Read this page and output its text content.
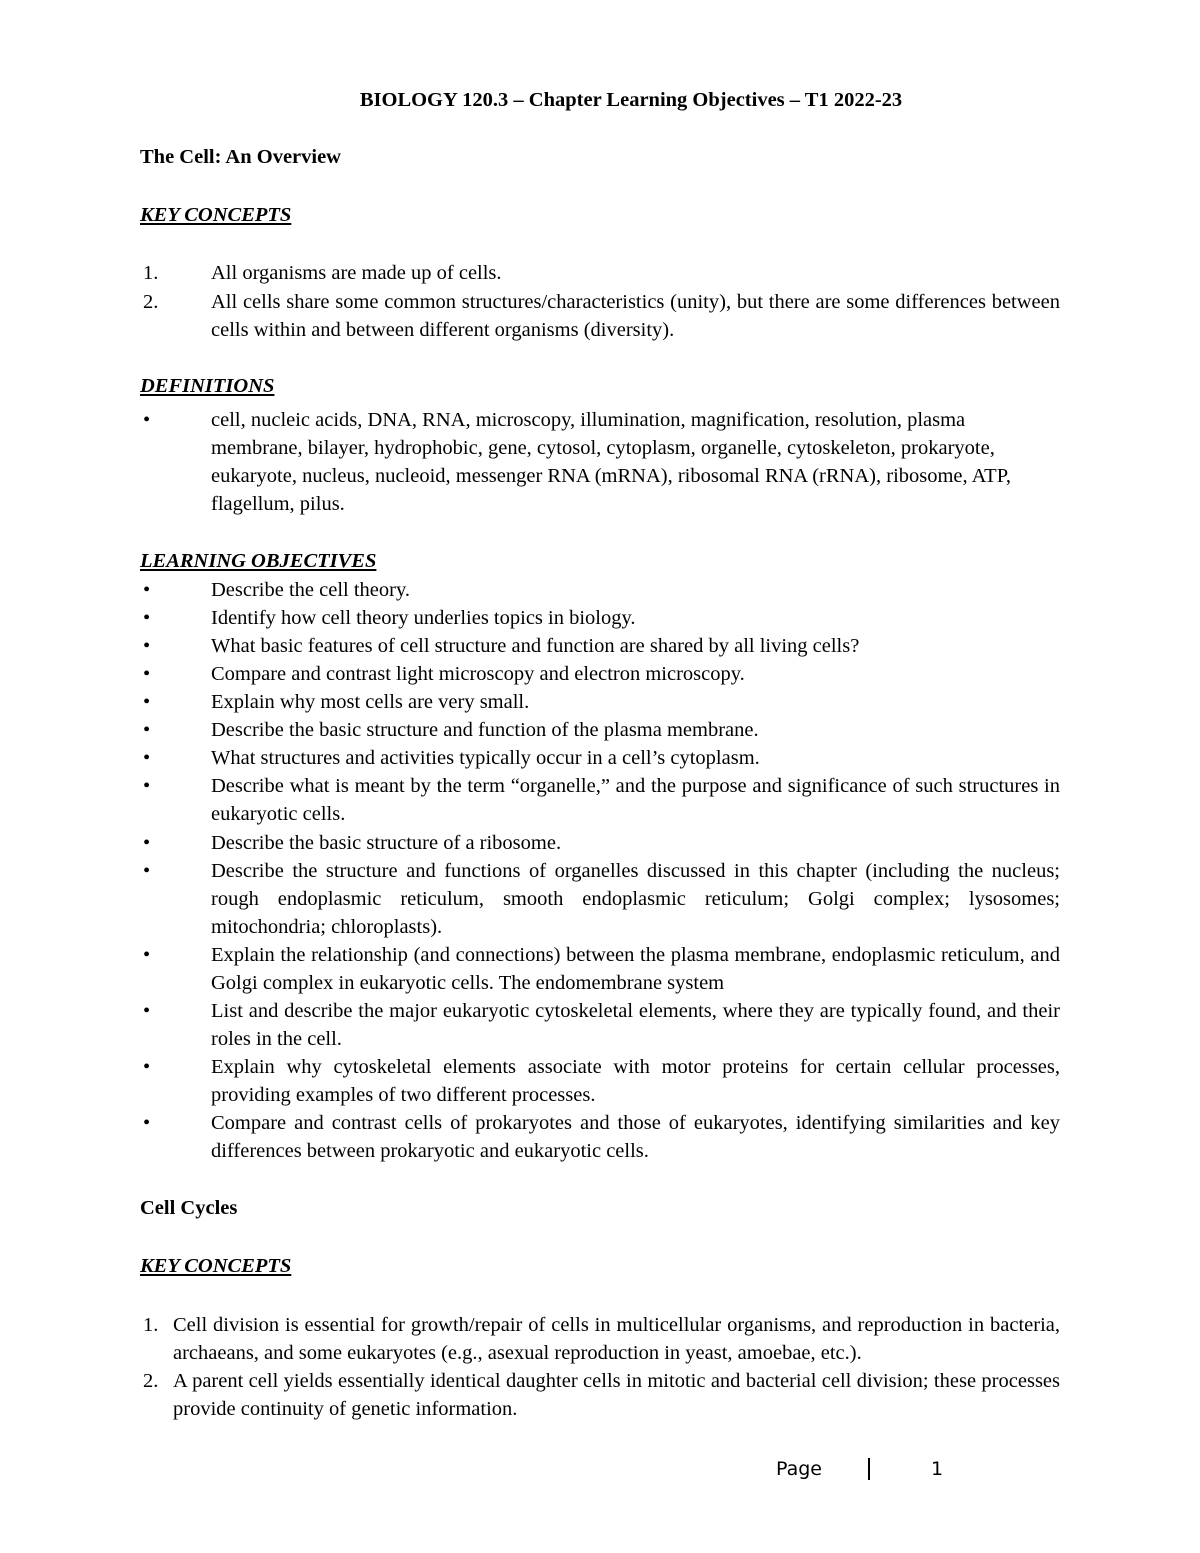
BIOLOGY 120.3 – Chapter Learning Objectives – T1 2022-23
The Cell: An Overview
KEY CONCEPTS
1.	All organisms are made up of cells.
2.	All cells share some common structures/characteristics (unity), but there are some differences between cells within and between different organisms (diversity).
DEFINITIONS
•	cell, nucleic acids, DNA, RNA, microscopy, illumination, magnification, resolution, plasma membrane, bilayer, hydrophobic, gene, cytosol, cytoplasm, organelle, cytoskeleton, prokaryote, eukaryote, nucleus, nucleoid, messenger RNA (mRNA), ribosomal RNA (rRNA), ribosome, ATP, flagellum, pilus.
LEARNING OBJECTIVES
•	Describe the cell theory.
•	Identify how cell theory underlies topics in biology.
•	What basic features of cell structure and function are shared by all living cells?
•	Compare and contrast light microscopy and electron microscopy.
•	Explain why most cells are very small.
•	Describe the basic structure and function of the plasma membrane.
•	What structures and activities typically occur in a cell’s cytoplasm.
•	Describe what is meant by the term “organelle,” and the purpose and significance of such structures in eukaryotic cells.
•	Describe the basic structure of a ribosome.
•	Describe the structure and functions of organelles discussed in this chapter (including the nucleus; rough endoplasmic reticulum, smooth endoplasmic reticulum; Golgi complex; lysosomes; mitochondria; chloroplasts).
•	Explain the relationship (and connections) between the plasma membrane, endoplasmic reticulum, and Golgi complex in eukaryotic cells. The endomembrane system
•	List and describe the major eukaryotic cytoskeletal elements, where they are typically found, and their roles in the cell.
•	Explain why cytoskeletal elements associate with motor proteins for certain cellular processes, providing examples of two different processes.
•	Compare and contrast cells of prokaryotes and those of eukaryotes, identifying similarities and key differences between prokaryotic and eukaryotic cells.
Cell Cycles
KEY CONCEPTS
1. Cell division is essential for growth/repair of cells in multicellular organisms, and reproduction in bacteria, archaeans, and some eukaryotes (e.g., asexual reproduction in yeast, amoebae, etc.).
2. A parent cell yields essentially identical daughter cells in mitotic and bacterial cell division; these processes provide continuity of genetic information.
Page	1
